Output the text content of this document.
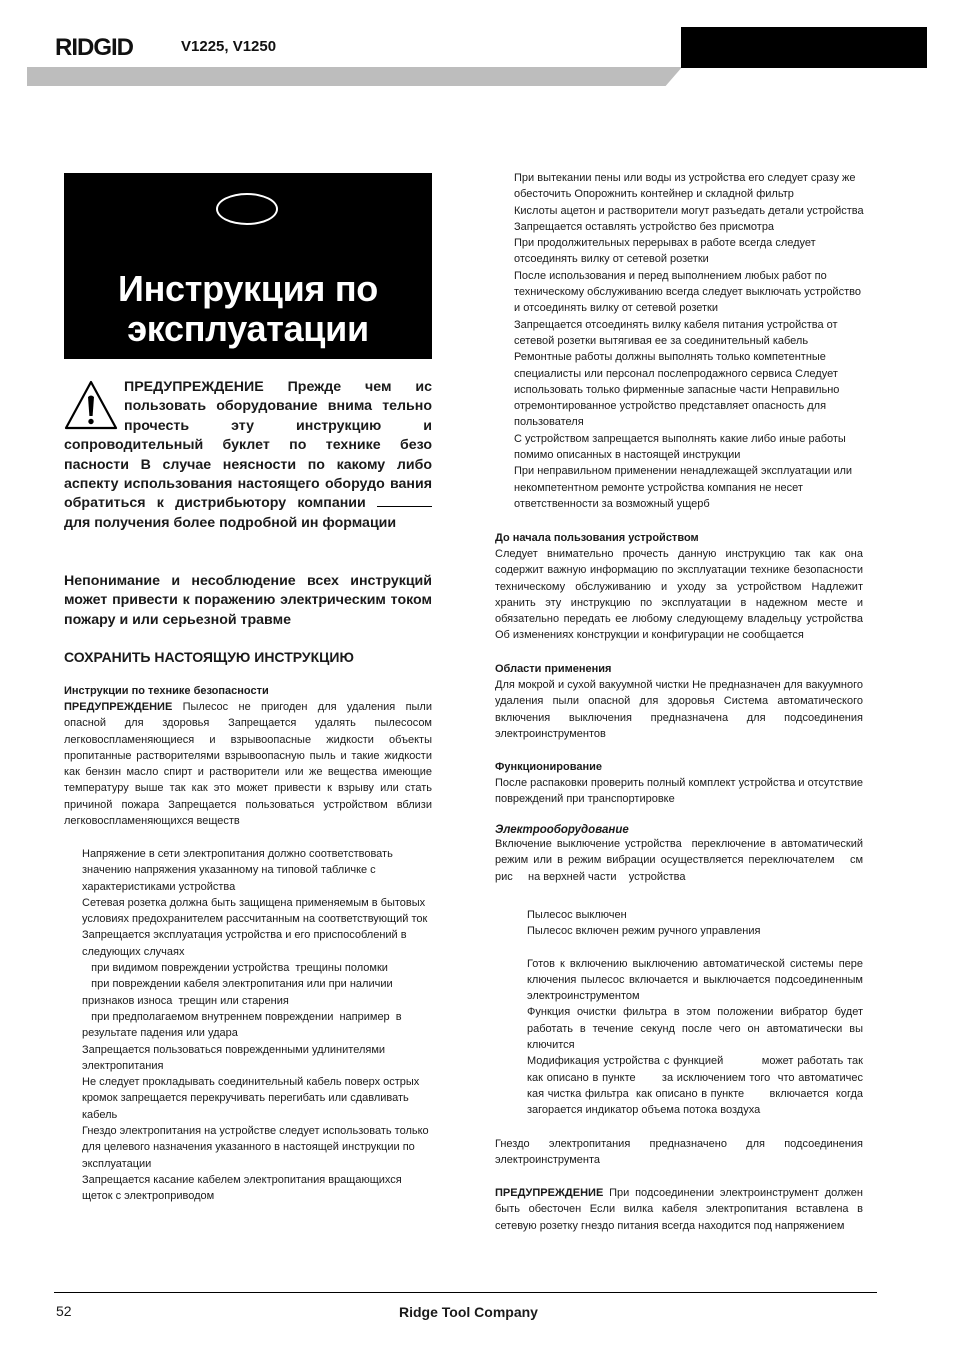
RIDGID	V1225, V1250
Инструкция по
эксплуатации
ПРЕДУПРЕЖДЕНИЕ Прежде чем ис пользовать оборудование внима тельно прочесть эту инструкцию и сопроводительный буклет по технике безо пасности В случае неясности по какому либо аспекту использования настоящего оборудо вания обратиться к дистрибьютору компании  для получения более подробной ин формации
Непонимание и несоблюдение всех инструкций может привести к поражению электрическим током пожару и или серьезной травме
СОХРАНИТЬ НАСТОЯЩУЮ ИНСТРУКЦИЮ
Инструкции по технике безопасности
ПРЕДУПРЕЖДЕНИЕ Пылесос не пригоден для удаления пыли опасной для здоровья Запрещается удалять пылесосом легковоспламеняющиеся и взрывоопасные жидкости объекты пропитанные растворителями взрывоопасную пыль и такие жидкости как бензин масло спирт и растворители или же вещества имеющие температуру выше так как это может привести к взрыву или стать причиной пожара Запрещается пользоваться устройством вблизи легковоспламеняющихся веществ

Напряжение в сети электропитания должно соответствовать значению напряжения указанному на типовой табличке с характеристиками устройства

Сетевая розетка должна быть защищена применяемым в бытовых условиях предохранителем рассчитанным на соответствующий ток

Запрещается эксплуатация устройства и его приспособлений в следующих случаях

при видимом повреждении устройства  трещины поломки

при повреждении кабеля электропитания или при наличии признаков износа  трещин или старения

при предполагаемом внутреннем повреждении  например  в результате падения или удара

Запрещается пользоваться поврежденными удлинителями электропитания

Не следует прокладывать соединительный кабель поверх острых кромок запрещается перекручивать перегибать или сдавливать кабель

Гнездо электропитания на устройстве следует использовать только для целевого назначения указанного в настоящей инструкции по эксплуатации

Запрещается касание кабелем электропитания вращающихся щеток с электроприводом

При вытекании пены или воды из устройства его следует сразу же обесточить Опорожнить контейнер и складной фильтр

Кислоты ацетон и растворители могут разъедать детали устройства Запрещается оставлять устройство без присмотра

При продолжительных перерывах в работе всегда следует отсоединять вилку от сетевой розетки

После использования и перед выполнением любых работ по техническому обслуживанию всегда следует выключать устройство и отсоединять вилку от сетевой розетки

Запрещается отсоединять вилку кабеля питания устройства от сетевой розетки вытягивая ее за соединительный кабель

Ремонтные работы должны выполнять только компетентные специалисты или персонал послепродажного сервиса Следует использовать только фирменные запасные части Неправильно отремонтированное устройство представляет опасность для пользователя

С устройством запрещается выполнять какие либо иные работы помимо описанных в настоящей инструкции

При неправильном применении ненадлежащей эксплуатации или некомпетентном ремонте устройства компания не несет ответственности за возможный ущерб

До начала пользования устройством
Следует внимательно прочесть данную инструкцию так как она содержит важную информацию по эксплуатации технике безопасности техническому обслуживанию и уходу за устройством Надлежит хранить эту инструкцию по эксплуатации в надежном месте и обязательно передать ее любому следующему владельцу устройства Об изменениях конструкции и конфигурации не сообщается
Области применения
Для мокрой и сухой вакуумной чистки Не предназначен для вакуумного удаления пыли опасной для здоровья Система автоматического включения выключения предназначена для подсоединения электроинструментов
Функционирование
После распаковки проверить полный комплект устройства и отсутствие повреждений при транспортировке
Электрооборудование
Включение выключение устройства  переключение в автоматический режим или в режим вибрации осуществляется переключателем   см  рис     на верхней части    устройства
Пылесос выключен
Пылесос включен режим ручного управления
Готов к включению выключению автоматической системы пере ключения пылесос включается и выключается подсоединенным электроинструментом
Функция очистки фильтра в этом положении вибратор будет работать в течение секунд после чего он автоматически вы ключится
Модификация устройства с функцией          может работать так как описано в пункте       за исключением того  что автоматичес кая чистка фильтра  как описано в пункте       включается  когда загорается индикатор объема потока воздуха
Гнездо электропитания предназначено для подсоединения электроинструмента
ПРЕДУПРЕЖДЕНИЕ При подсоединении электроинструмент должен быть обесточен Если вилка кабеля электропитания вставлена в сетевую розетку гнездо питания всегда находится под напряжением
52	Ridge Tool Company
